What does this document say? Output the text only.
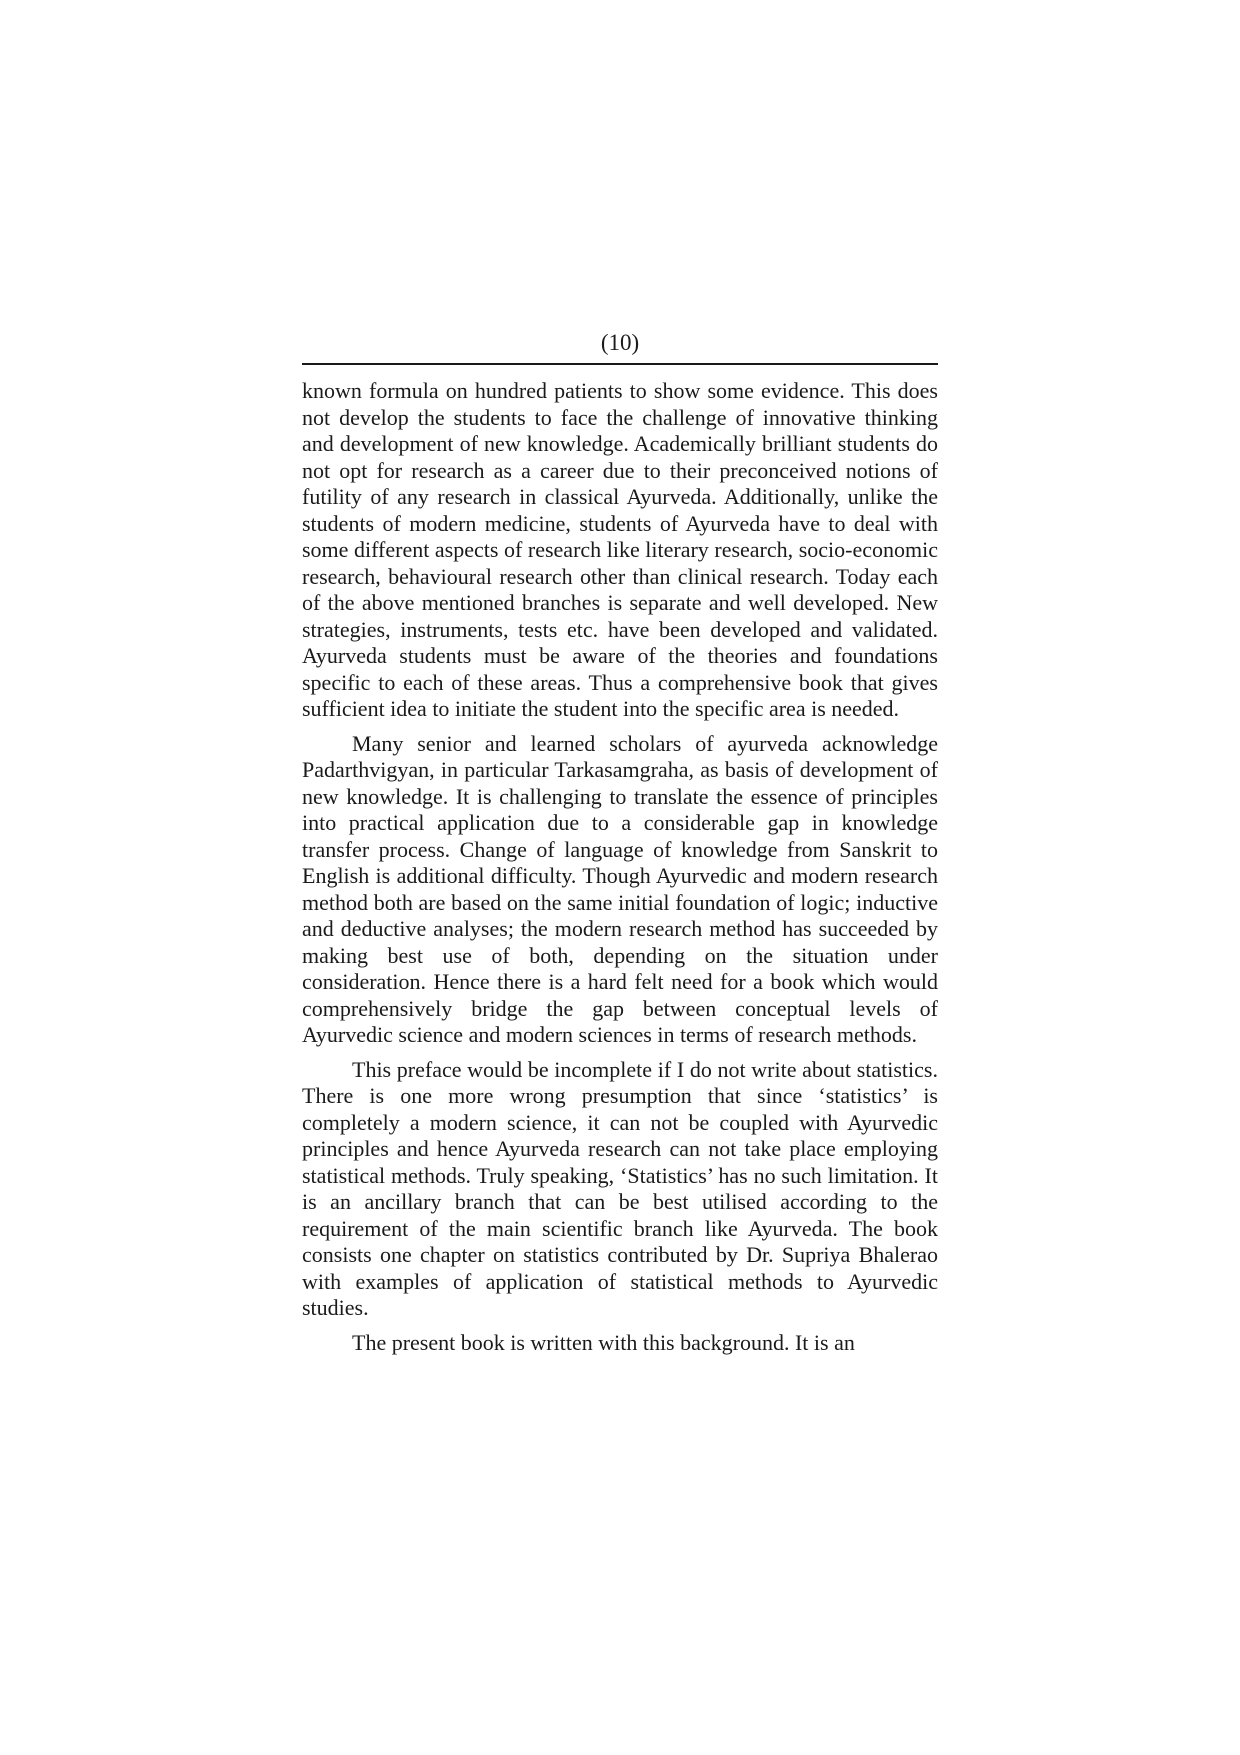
(10)

known formula on hundred patients to show some evidence. This does not develop the students to face the challenge of innovative thinking and development of new knowledge. Academically brilliant students do not opt for research as a career due to their preconceived notions of futility of any research in classical Ayurveda. Additionally, unlike the students of modern medicine, students of Ayurveda have to deal with some different aspects of research like literary research, socio-economic research, behavioural research other than clinical research. Today each of the above mentioned branches is separate and well developed. New strategies, instruments, tests etc. have been developed and validated. Ayurveda students must be aware of the theories and foundations specific to each of these areas. Thus a comprehensive book that gives sufficient idea to initiate the student into the specific area is needed.

Many senior and learned scholars of ayurveda acknowledge Padarthvigyan, in particular Tarkasamgraha, as basis of development of new knowledge. It is challenging to translate the essence of principles into practical application due to a considerable gap in knowledge transfer process. Change of language of knowledge from Sanskrit to English is additional difficulty. Though Ayurvedic and modern research method both are based on the same initial foundation of logic; inductive and deductive analyses; the modern research method has succeeded by making best use of both, depending on the situation under consideration. Hence there is a hard felt need for a book which would comprehensively bridge the gap between conceptual levels of Ayurvedic science and modern sciences in terms of research methods.

This preface would be incomplete if I do not write about statistics. There is one more wrong presumption that since ‘statistics’ is completely a modern science, it can not be coupled with Ayurvedic principles and hence Ayurveda research can not take place employing statistical methods. Truly speaking, ‘Statistics’ has no such limitation. It is an ancillary branch that can be best utilised according to the requirement of the main scientific branch like Ayurveda. The book consists one chapter on statistics contributed by Dr. Supriya Bhalerao with examples of application of statistical methods to Ayurvedic studies.

The present book is written with this background. It is an
